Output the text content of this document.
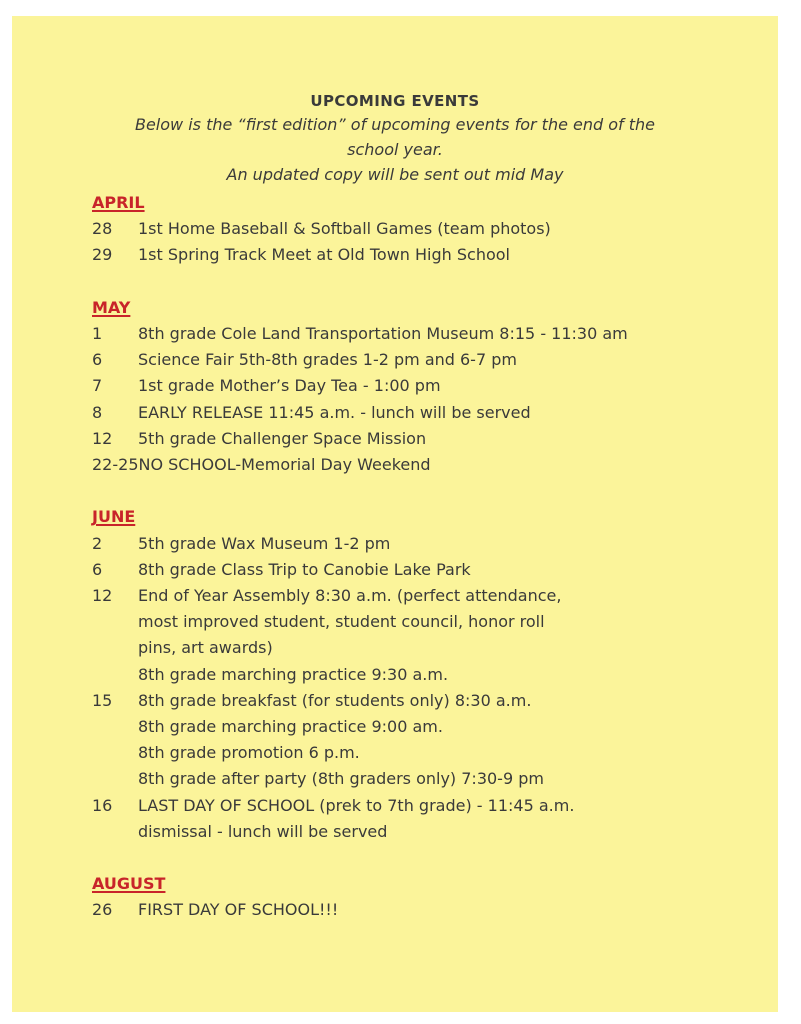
UPCOMING EVENTS
Below is the “first edition” of upcoming events for the end of the
school year.
An updated copy will be sent out mid May
APRIL
28	1st Home Baseball & Softball Games (team photos)
29	1st Spring Track Meet at Old Town High School
MAY
1	8th grade Cole Land Transportation Museum 8:15 - 11:30 am
6	Science Fair 5th-8th grades 1-2 pm and 6-7 pm
7	1st grade Mother’s Day Tea - 1:00 pm
8	EARLY RELEASE 11:45 a.m. - lunch will be served
12	5th grade Challenger Space Mission
22-25 NO SCHOOL-Memorial Day Weekend
JUNE
2	5th grade Wax Museum 1-2 pm
6	8th grade Class Trip to Canobie Lake Park
12	End of Year Assembly 8:30 a.m. (perfect attendance,
most improved student, student council, honor roll
pins, art awards)
8th grade marching practice 9:30 a.m.
15	8th grade breakfast (for students only) 8:30 a.m.
8th grade marching practice 9:00 am.
8th grade promotion 6 p.m.
8th grade after party (8th graders only) 7:30-9 pm
16	LAST DAY OF SCHOOL (prek to 7th grade) - 11:45 a.m.
dismissal - lunch will be served
AUGUST
26	FIRST DAY OF SCHOOL!!!
